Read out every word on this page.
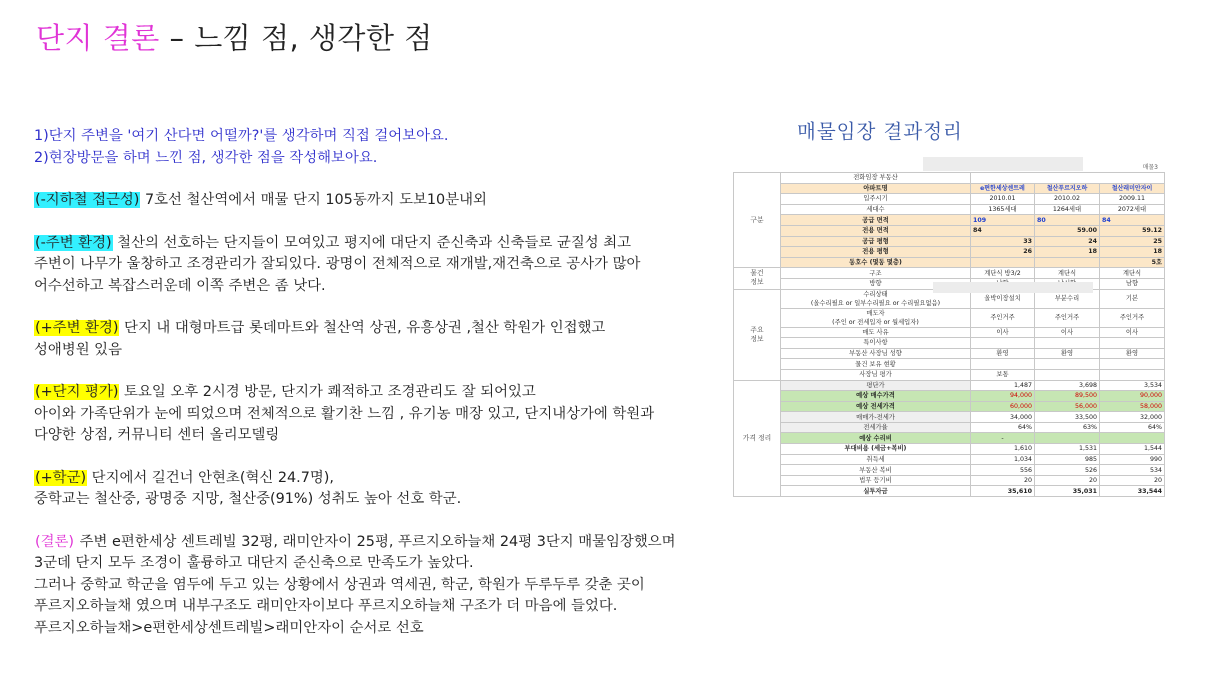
단지 결론 – 느낌 점, 생각한 점

1)단지 주변을 '여기 산다면 어떨까?'를 생각하며 직접 걸어보아요.

2)현장방문을 하며 느낀 점, 생각한 점을 작성해보아요.

(-지하철 접근성) 7호선 철산역에서 매물 단지 105동까지 도보10분내외

(-주변 환경) 철산의 선호하는 단지들이 모여있고 평지에 대단지 준신축과 신축들로 균질성 최고

주변이 나무가 울창하고 조경관리가 잘되있다. 광명이 전체적으로 재개발,재건축으로 공사가 많아

어수선하고 복잡스러운데 이쪽 주변은 좀 낫다.

(+주변 환경) 단지 내 대형마트급 롯데마트와 철산역 상권, 유흥상권 ,철산 학원가 인접했고

성애병원 있음

(+단지 평가) 토요일 오후 2시경 방문, 단지가 쾌적하고 조경관리도 잘 되어있고

아이와 가족단위가 눈에 띄었으며 전체적으로 활기찬 느낌 , 유기농 매장 있고, 단지내상가에 학원과

다양한 상점, 커뮤니티 센터 올리모델링

(+학군) 단지에서 길건너 안현초(혁신 24.7명),

중학교는 철산중, 광명중 지망, 철산중(91%) 성취도 높아 선호 학군.

(결론) 주변 e편한세상 센트레빌 32평, 래미안자이 25평, 푸르지오하늘채 24평 3단지 매물임장했으며

3군데 단지 모두 조경이 훌륭하고 대단지 준신축으로 만족도가 높았다.

그러나 중학교 학군을 염두에 두고 있는 상황에서 상권과 역세권, 학군, 학원가 두루두루 갖춘 곳이

푸르지오하늘채 였으며 내부구조도 래미안자이보다 푸르지오하늘채 구조가 더 마음에 들었다.

푸르지오하늘채>e편한세상센트레빌>래미안자이 순서로 선호

매물임장 결과정리
매물3
구분	전화임장 부동산			
	아파트명	e편한세상센트레	철산푸르지오하	철산래미안자이
	입주시기	2010.01	2010.02	2009.11
	세대수	1365세대	1264세대	2072세대
	공급 면적	109	80	84
	전용 면적	84	59.00	59.12
	공급 평형	33	24	25
	전용 평형	26	18	18
	동호수 (몇동 몇층)			5호
물건
정보	구조	계단식 방3/2	계단식	계단식
	방향			남향
주요
정보	수리상태
(올수리필요 or 일부수리필요 or 수리필요없음)	올박이장설치	부분수리	기본
	매도자
(주인 or 전세입자 or 월세입자)	주인거주	주인거주	주인거주
	매도 사유	이사	이사	이사
	특이사항			
	부동산 사장님 성향	환영	환영	환영
	물건 보유 현황			
	사장님 평가	보통		
가격 정리	평단가	1,487	3,698	3,534
	예상 매수가격	94,000	89,500	90,000
	예상 전세가격	60,000	56,000	58,000
	매매가-전세가	34,000	33,500	32,000
	전세가율	64%	63%	64%
	예상 수리비	-		
	부대비용 (세금+복비)	1,610	1,531	1,544
	취득세	1,034	985	990
	부동산 복비	556	526	534
	법무 등기비	20	20	20
	실투자금	35,610	35,031	33,544
